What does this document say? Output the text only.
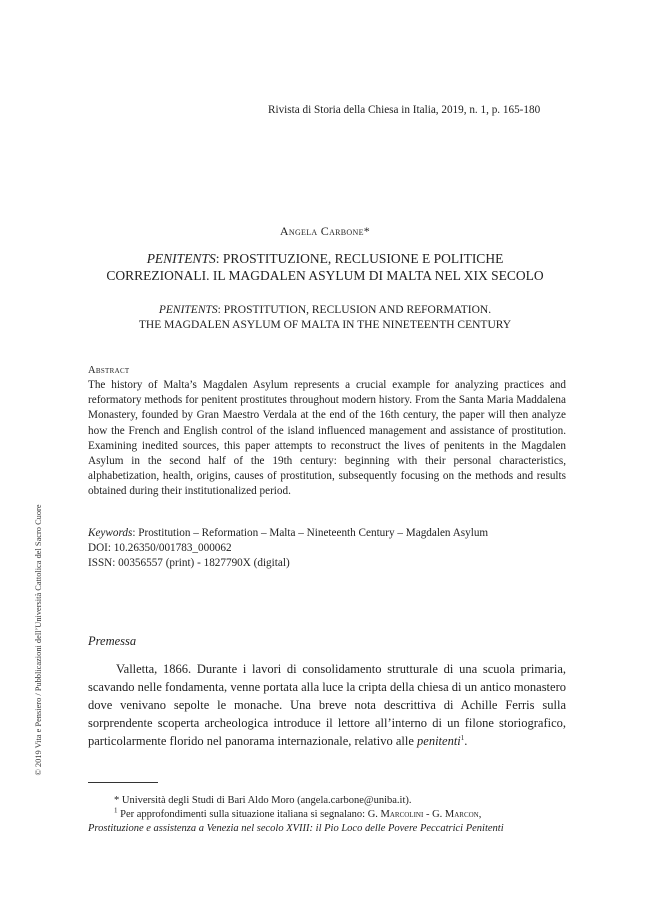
Rivista di Storia della Chiesa in Italia, 2019, n. 1, p. 165-180
Angela Carbone*
PENITENTS: PROSTITUZIONE, RECLUSIONE E POLITICHE
CORREZIONALI. IL MAGDALEN ASYLUM DI MALTA NEL XIX SECOLO
PENITENTS: PROSTITUTION, RECLUSION AND REFORMATION.
THE MAGDALEN ASYLUM OF MALTA IN THE NINETEENTH CENTURY
Abstract
The history of Malta’s Magdalen Asylum represents a crucial example for analyzing practices and reformatory methods for penitent prostitutes throughout modern history. From the Santa Maria Maddalena Monastery, founded by Gran Maestro Verdala at the end of the 16th century, the paper will then analyze how the French and English control of the island influenced management and assistance of prostitution. Examining inedited sources, this paper attempts to reconstruct the lives of penitents in the Magdalen Asylum in the second half of the 19th century: beginning with their personal characteristics, alphabetization, health, origins, causes of prostitution, subsequently focusing on the methods and results obtained during their institutionalized period.
Keywords: Prostitution – Reformation – Malta – Nineteenth Century – Magdalen Asylum
DOI: 10.26350/001783_000062
ISSN: 00356557 (print) - 1827790X (digital)
© 2019 Vita e Pensiero / Pubblicazioni dell’Università Cattolica del Sacro Cuore	Premessa
Valletta, 1866. Durante i lavori di consolidamento strutturale di una scuola primaria, scavando nelle fondamenta, venne portata alla luce la cripta della chiesa di un antico monastero dove venivano sepolte le monache. Una breve nota descrittiva di Achille Ferris sulla sorprendente scoperta archeologica introduce il lettore all’interno di un filone storiografico, particolarmente florido nel panorama internazionale, relativo alle penitenti$^1$.
* Università degli Studi di Bari Aldo Moro (angela.carbone@uniba.it).
$^1$ Per approfondimenti sulla situazione italiana si segnalano: G. Marcolini - G. Marcon,
Prostituzione e assistenza a Venezia nel secolo XVIII: il Pio Loco delle Povere Peccatrici Penitenti
